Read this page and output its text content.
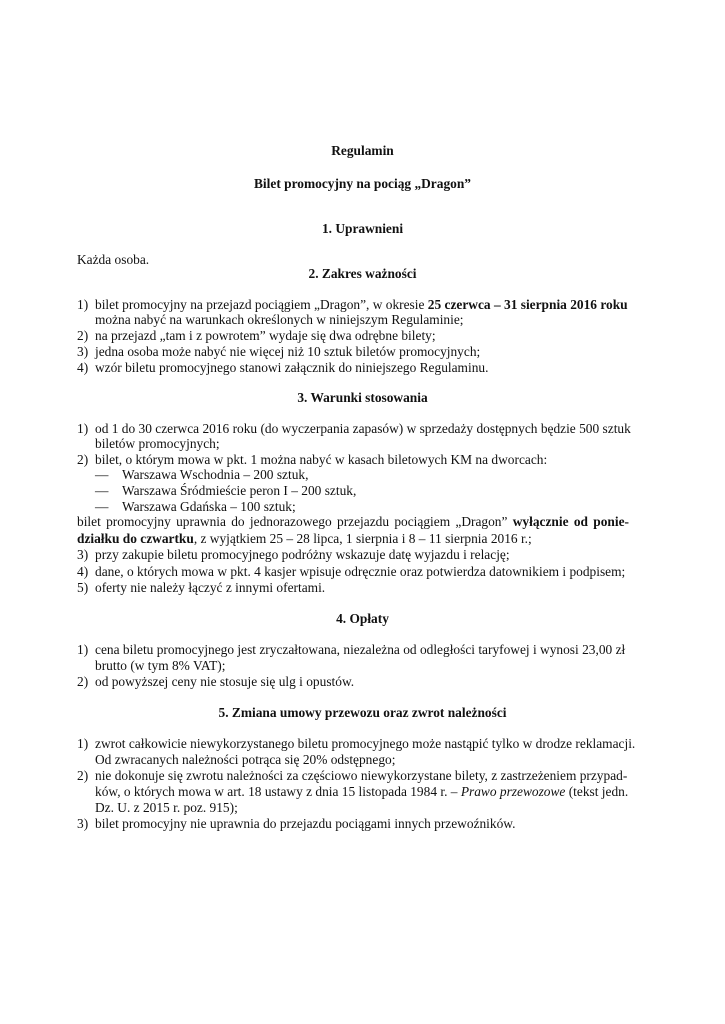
Regulamin
Bilet promocyjny na pociąg „Dragon”
1. Uprawnieni
Każda osoba.
2. Zakres ważności
1) bilet promocyjny na przejazd pociągiem „Dragon”, w okresie 25 czerwca – 31 sierpnia 2016 roku
można nabyć na warunkach określonych w niniejszym Regulaminie;
2) na przejazd „tam i z powrotem” wydaje się dwa odrębne bilety;
3) jedna osoba może nabyć nie więcej niż 10 sztuk biletów promocyjnych;
4) wzór biletu promocyjnego stanowi załącznik do niniejszego Regulaminu.
3. Warunki stosowania
1) od 1 do 30 czerwca 2016 roku (do wyczerpania zapasów) w sprzedaży dostępnych będzie 500 sztuk
biletów promocyjnych;
2) bilet, o którym mowa w pkt. 1 można nabyć w kasach biletowych KM na dworcach:
— Warszawa Wschodnia – 200 sztuk,
— Warszawa Śródmieście peron I – 200 sztuk,
— Warszawa Gdańska – 100 sztuk;
bilet promocyjny uprawnia do jednorazowego przejazdu pociągiem „Dragon” wyłącznie od ponie-
działku do czwartku, z wyjątkiem 25 – 28 lipca, 1 sierpnia i 8 – 11 sierpnia 2016 r.;
3) przy zakupie biletu promocyjnego podróżny wskazuje datę wyjazdu i relację;
4) dane, o których mowa w pkt. 4 kasjer wpisuje odręcznie oraz potwierdza datownikiem i podpisem;
5) oferty nie należy łączyć z innymi ofertami.
4. Opłaty
1) cena biletu promocyjnego jest zryczałtowana, niezależna od odległości taryfowej i wynosi 23,00 zł
brutto (w tym 8% VAT);
2) od powyższej ceny nie stosuje się ulg i opustów.
5. Zmiana umowy przewozu oraz zwrot należności
1) zwrot całkowicie niewykorzystanego biletu promocyjnego może nastąpić tylko w drodze reklamacji.
Od zwracanych należności potrąca się 20% odstępnego;
2) nie dokonuje się zwrotu należności za częściowo niewykorzystane bilety, z zastrzeżeniem przypad-
ków, o których mowa w art. 18 ustawy z dnia 15 listopada 1984 r. – Prawo przewozowe (tekst jedn.
Dz. U. z 2015 r. poz. 915);
3) bilet promocyjny nie uprawnia do przejazdu pociągami innych przewoźników.
